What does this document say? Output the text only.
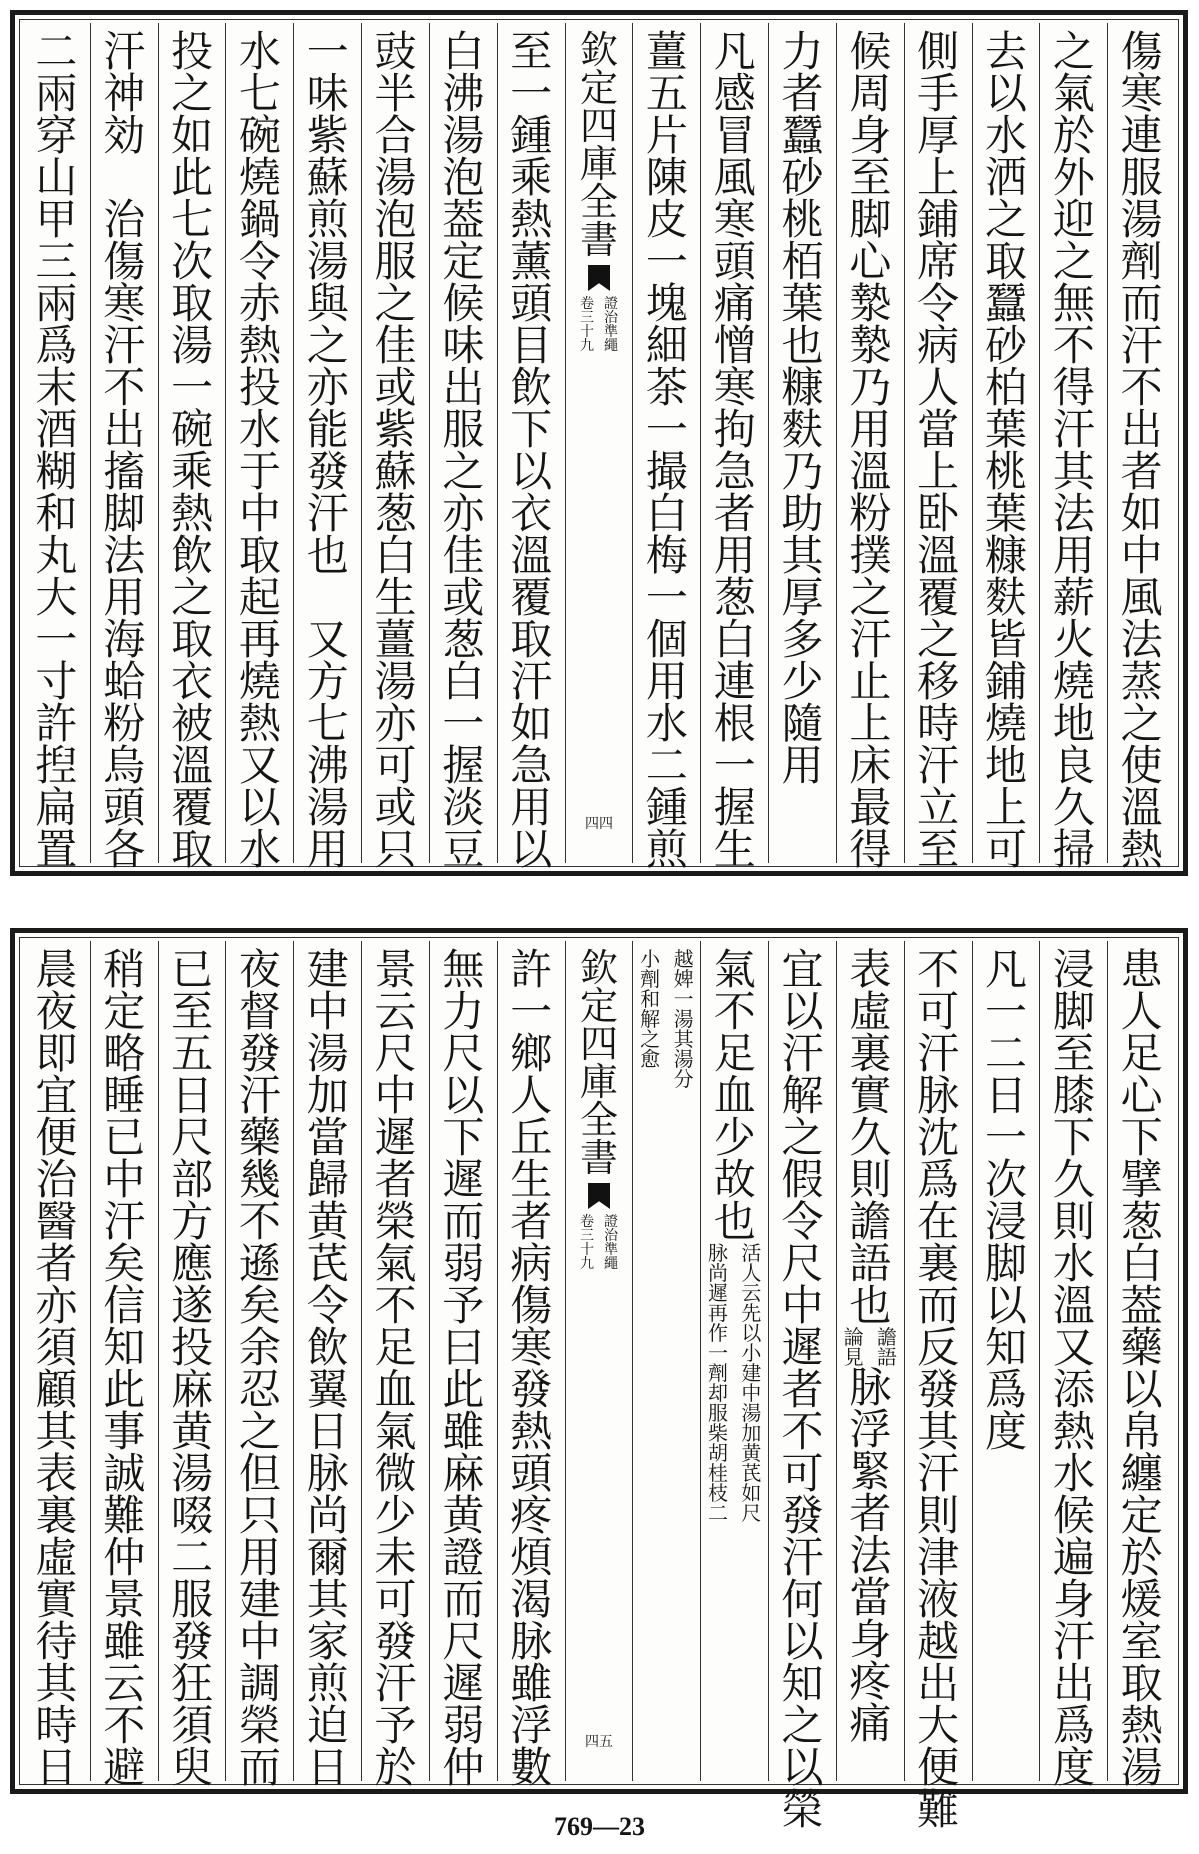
二
兩
穿
山
甲
三
兩
爲
末
酒
糊
和
丸
大
一
寸
許
揑
扁
置
汗
神
効

治
傷
寒
汗
不
出
搐
脚
法
用
海
蛤
粉
烏
頭
各
投
之
如
此
七
次
取
湯
一
碗
乘
熱
飲
之
取
衣
被
溫
覆
取
水
七
碗
燒
鍋
令
赤
熱
投
水
于
中
取
起
再
燒
熱
又
以
水
一
味
紫
蘇
煎
湯
與
之
亦
能
發
汗
也

又
方
七
沸
湯
用
豉
半
合
湯
泡
服
之
佳
或
紫
蘇
葱
白
生
薑
湯
亦
可
或
只
白
沸
湯
泡
葢
定
候
味
出
服
之
亦
佳
或
葱
白
一
握
淡
豆
至
一
鍾
乘
熱
薰
頭
目
飲
下
以
衣
溫
覆
取
汗
如
急
用
以
四四
欽
定
四
庫
全
書
證
治
準
繩
卷
三
十
九
薑
五
片
陳
皮
一
塊
細
茶
一
撮
白
梅
一
個
用
水
二
鍾
煎
凡
感
冒
風
寒
頭
痛
憎
寒
拘
急
者
用
葱
白
連
根
一
握
生
力
者
蠶
砂
桃
栢
葉
也
糠
麩
乃
助
其
厚
多
少
隨
用
候
周
身
至
脚
心
漐
漐
乃
用
溫
粉
撲
之
汗
止
上
床
最
得
側
手
厚
上
鋪
席
令
病
人
當
上
卧
溫
覆
之
移
時
汗
立
至
去
以
水
洒
之
取
蠶
砂
柏
葉
桃
葉
糠
麩
皆
鋪
燒
地
上
可
之
氣
於
外
迎
之
無
不
得
汗
其
法
用
薪
火
燒
地
良
久
掃
傷
寒
連
服
湯
劑
而
汗
不
出
者
如
中
風
法
蒸
之
使
溫
熱
晨
夜
即
宜
便
治
醫
者
亦
須
顧
其
表
裏
虛
實
待
其
時
日
稍
定
略
睡
已
中
汗
矣
信
知
此
事
誠
難
仲
景
雖
云
不
避
已
至
五
日
尺
部
方
應
遂
投
麻
黄
湯
啜
二
服
發
狂
須
臾
夜
督
發
汗
藥
幾
不
遜
矣
余
忍
之
但
只
用
建
中
調
榮
而
建
中
湯
加
當
歸
黄
芪
令
飲
翼
日
脉
尚
爾
其
家
煎
迫
日
景
云
尺
中
遲
者
榮
氣
不
足
血
氣
微
少
未
可
發
汗
予
於
無
力
尺
以
下
遲
而
弱
予
曰
此
雖
麻
黄
證
而
尺
遲
弱
仲
許
一
鄉
人
丘
生
者
病
傷
寒
發
熱
頭
疼
煩
渴
脉
雖
浮
數
四五
欽
定
四
庫
全
書
證
治
準
繩
卷
三
十
九
越
婢
一
湯
其
湯
分
小
劑
和
解
之
愈
氣
不
足
血
少
故
也
活
人
云
先
以
小
建
中
湯
加
黄
芪
如
尺
脉
尚
遲
再
作
一
劑
却
服
柴
胡
桂
枝
二
宜
以
汗
解
之
假
令
尺
中
遲
者
不
可
發
汗
何
以
知
之
以
榮
表
虛
裏
實
久
則
譫
語
也
譫
語
論
見
脉
浮
緊
者
法
當
身
疼
痛
不
可
汗
脉
沈
爲
在
裏
而
反
發
其
汗
則
津
液
越
出
大
便
難
凡
一
二
日
一
次
浸
脚
以
知
爲
度
浸
脚
至
膝
下
久
則
水
溫
又
添
熱
水
候
遍
身
汗
出
爲
度
患
人
足
心
下
擘
葱
白
葢
藥
以
帛
纏
定
於
煖
室
取
熱
湯
769—23
